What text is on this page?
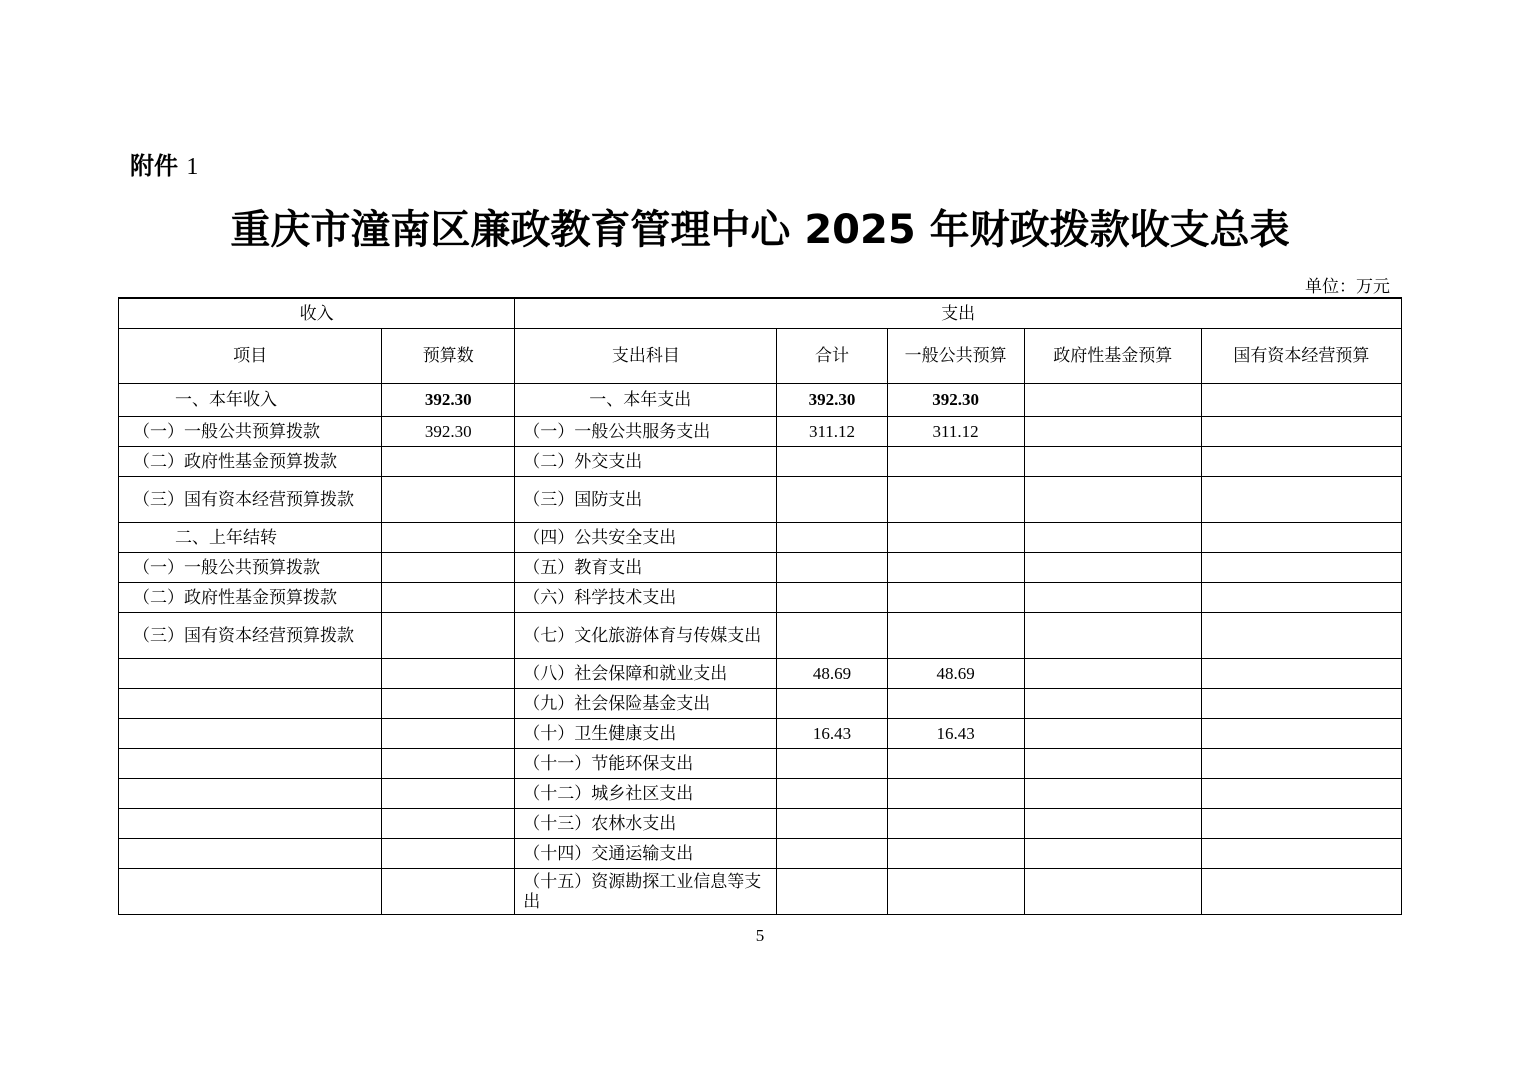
附件 1
重庆市潼南区廉政教育管理中心 2025 年财政拨款收支总表
单位：万元
收入		支出				
项目	预算数	支出科目	合计	一般公共预算	政府性基金预算	国有资本经营预算
一、本年收入	392.30	一、本年支出	392.30	392.30		
（一）一般公共预算拨款	392.30	（一）一般公共服务支出	311.12	311.12		
（二）政府性基金预算拨款		（二）外交支出				
（三）国有资本经营预算拨款		（三）国防支出				
二、上年结转		（四）公共安全支出				
（一）一般公共预算拨款		（五）教育支出				
（二）政府性基金预算拨款		（六）科学技术支出				
（三）国有资本经营预算拨款		（七）文化旅游体育与传媒支出				
		（八）社会保障和就业支出	48.69	48.69		
		（九）社会保险基金支出				
		（十）卫生健康支出	16.43	16.43		
		（十一）节能环保支出				
		（十二）城乡社区支出				
		（十三）农林水支出				
		（十四）交通运输支出				
		（十五）资源勘探工业信息等支出				
5
